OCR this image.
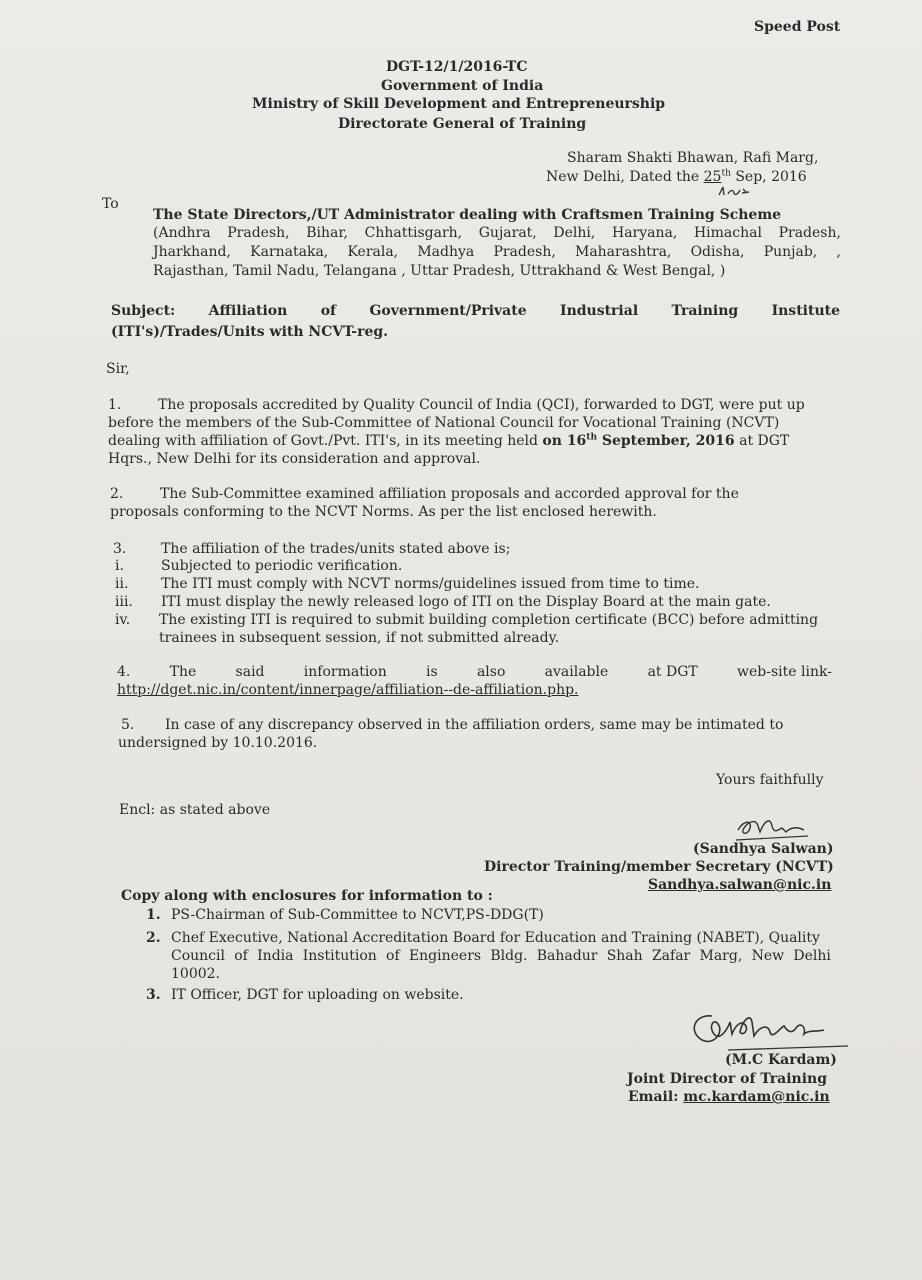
Speed Post
DGT-12/1/2016-TC
Government of India
Ministry of Skill Development and Entrepreneurship
Directorate General of Training
Sharam Shakti Bhawan, Rafi Marg,
New Delhi, Dated the 25th Sep, 2016
To
The State Directors,/UT Administrator dealing with Craftsmen Training Scheme
(Andhra Pradesh, Bihar, Chhattisgarh, Gujarat, Delhi, Haryana, Himachal Pradesh,
Jharkhand, Karnataka, Kerala, Madhya Pradesh, Maharashtra, Odisha, Punjab, ,
Rajasthan, Tamil Nadu, Telangana , Uttar Pradesh, Uttrakhand & West Bengal, )
Subject: Affiliation of Government/Private Industrial Training Institute
(ITI's)/Trades/Units with NCVT-reg.
Sir,
1.	The proposals accredited by Quality Council of India (QCI), forwarded to DGT, were put up
before the members of the Sub-Committee of National Council for Vocational Training (NCVT)
dealing with affiliation of Govt./Pvt. ITI's, in its meeting held on 16th September, 2016 at DGT
Hqrs., New Delhi for its consideration and approval.
2.	The Sub-Committee examined affiliation proposals and accorded approval for the
proposals conforming to the NCVT Norms. As per the list enclosed herewith.
3. The affiliation of the trades/units stated above is;
i.	Subjected to periodic verification.
ii. The ITI must comply with NCVT norms/guidelines issued from time to time.
iii. ITI must display the newly released logo of ITI on the Display Board at the main gate.
iv. The existing ITI is required to submit building completion certificate (BCC) before admitting
trainees in subsequent session, if not submitted already.
4.	The	said	information	is	also	available	at DGT	web-site link-
http://dget.nic.in/content/innerpage/affiliation--de-affiliation.php.
5. In case of any discrepancy observed in the affiliation orders, same may be intimated to
undersigned by 10.10.2016.
Yours faithfully
Encl: as stated above
(Sandhya Salwan)
Director Training/member Secretary (NCVT)
Sandhya.salwan@nic.in
Copy along with enclosures for information to :
1. PS-Chairman of Sub-Committee to NCVT,PS-DDG(T)
2. Chef Executive, National Accreditation Board for Education and Training (NABET), Quality
Council of India Institution of Engineers Bldg. Bahadur Shah Zafar Marg, New Delhi
10002.
3. IT Officer, DGT for uploading on website.
(M.C Kardam)
Joint Director of Training
Email: mc.kardam@nic.in
